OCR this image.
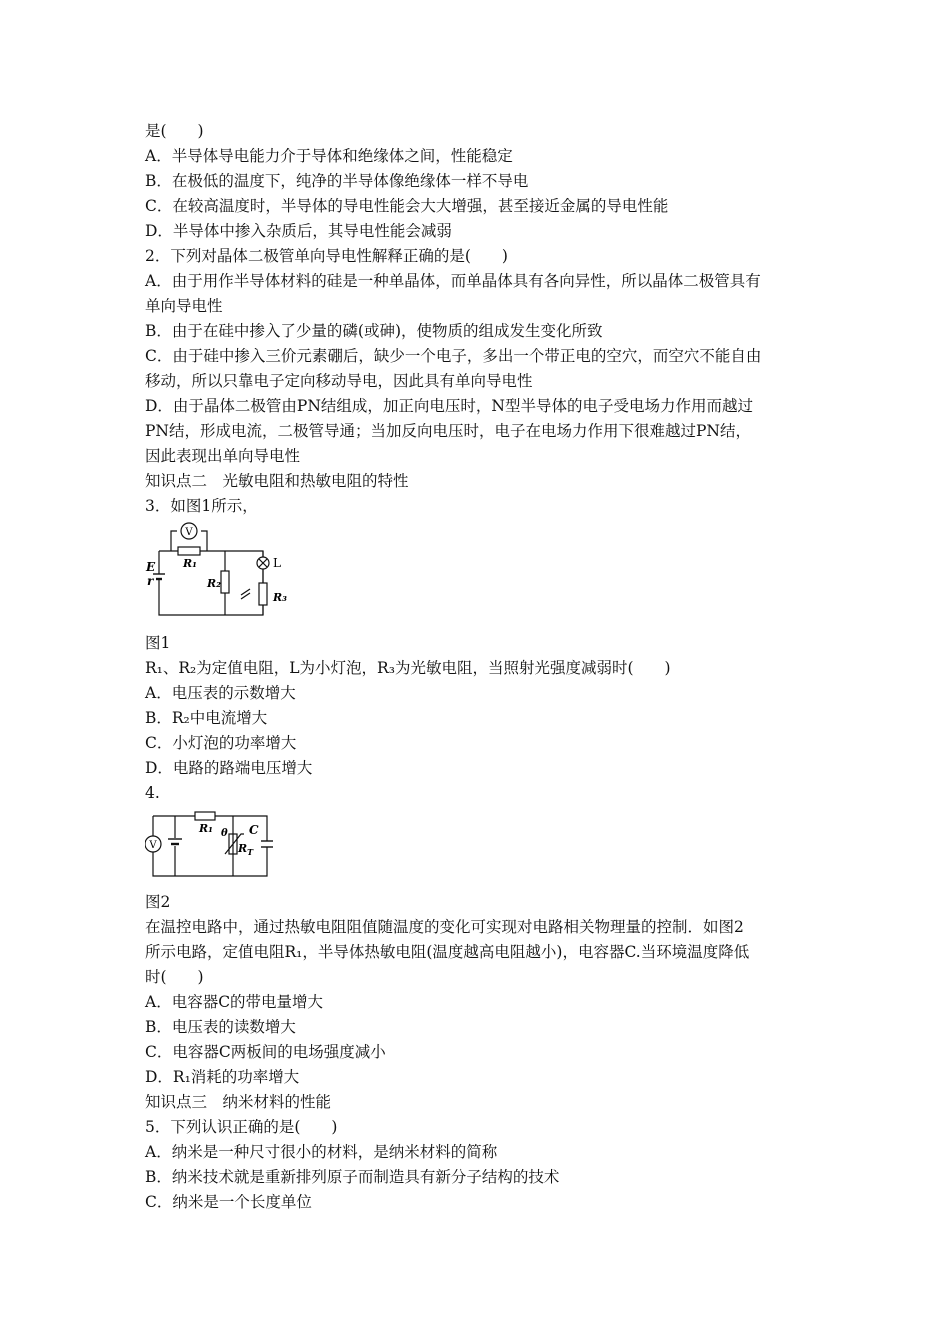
是(　　)
A．半导体导电能力介于导体和绝缘体之间，性能稳定
B．在极低的温度下，纯净的半导体像绝缘体一样不导电
C．在较高温度时，半导体的导电性能会大大增强，甚至接近金属的导电性能
D．半导体中掺入杂质后，其导电性能会减弱
2．下列对晶体二极管单向导电性解释正确的是(　　)
A．由于用作半导体材料的硅是一种单晶体，而单晶体具有各向异性，所以晶体二极管具有
单向导电性
B．由于在硅中掺入了少量的磷(或砷)，使物质的组成发生变化所致
C．由于硅中掺入三价元素硼后，缺少一个电子，多出一个带正电的空穴，而空穴不能自由
移动，所以只靠电子定向移动导电，因此具有单向导电性
D．由于晶体二极管由PN结组成，加正向电压时，N型半导体的电子受电场力作用而越过
PN结，形成电流，二极管导通；当加反向电压时，电子在电场力作用下很难越过PN结，
因此表现出单向导电性
知识点二　光敏电阻和热敏电阻的特性
3．如图1所示，
V
R₁
R₂
L
R₃
E
r
图1
R₁、R₂为定值电阻，L为小灯泡，R₃为光敏电阻，当照射光强度减弱时(　　)
A．电压表的示数增大
B．R₂中电流增大
C．小灯泡的功率增大
D．电路的路端电压增大
4.
V
R₁ θ
$R_T$
C
图2
在温控电路中，通过热敏电阻阻值随温度的变化可实现对电路相关物理量的控制．如图2
所示电路，定值电阻R₁，半导体热敏电阻(温度越高电阻越小)，电容器C.当环境温度降低
时(　　)
A．电容器C的带电量增大
B．电压表的读数增大
C．电容器C两板间的电场强度减小
D．R₁消耗的功率增大
知识点三　纳米材料的性能
5．下列认识正确的是(　　)
A．纳米是一种尺寸很小的材料，是纳米材料的简称
B．纳米技术就是重新排列原子而制造具有新分子结构的技术
C．纳米是一个长度单位
